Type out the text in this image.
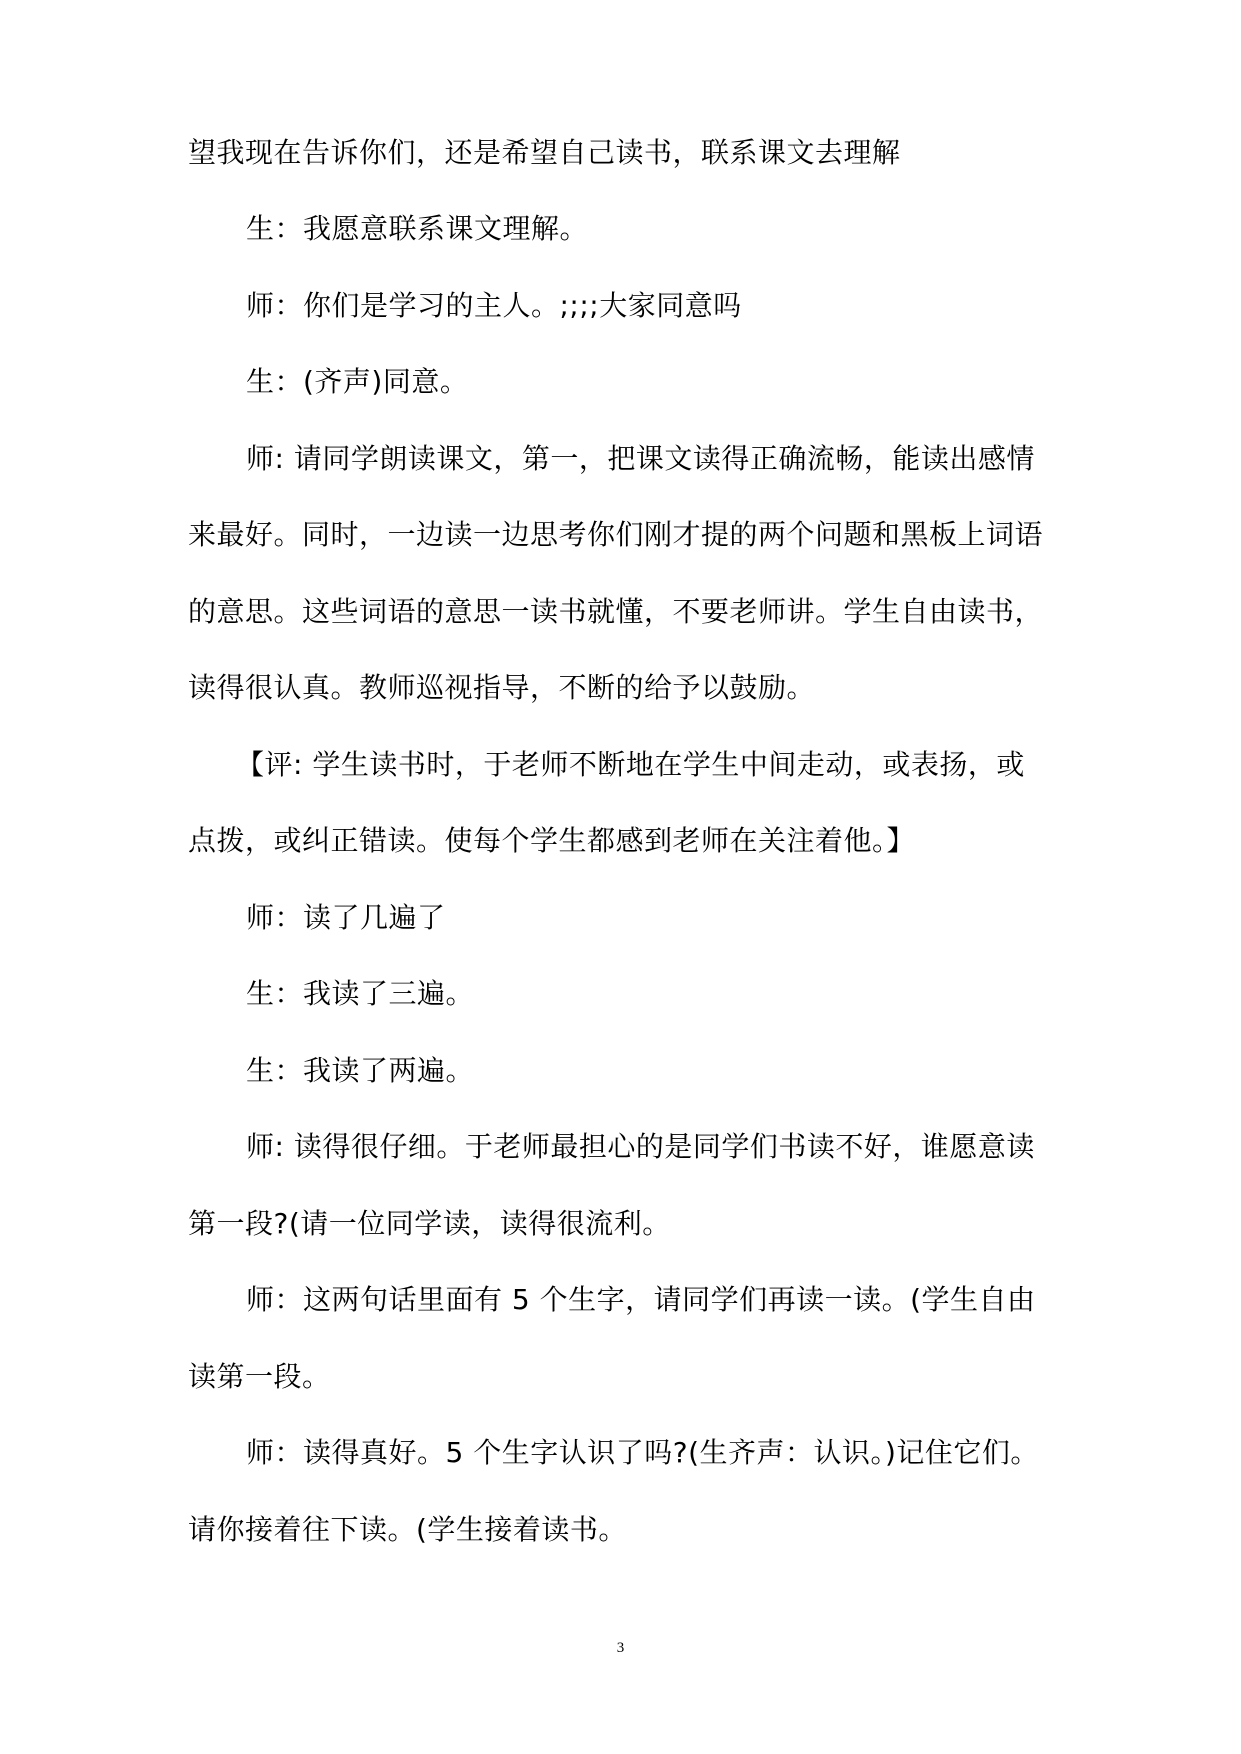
望我现在告诉你们，还是希望自己读书，联系课文去理解
生：我愿意联系课文理解。
师：你们是学习的主人。;;;;大家同意吗
生：(齐声)同意。
师: 请同学朗读课文，第一，把课文读得正确流畅，能读出感情
来最好。同时，一边读一边思考你们刚才提的两个问题和黑板上词语
的意思。这些词语的意思一读书就懂，不要老师讲。学生自由读书，
读得很认真。教师巡视指导，不断的给予以鼓励。
【评: 学生读书时，于老师不断地在学生中间走动，或表扬，或
点拨，或纠正错读。使每个学生都感到老师在关注着他。】
师：读了几遍了
生：我读了三遍。
生：我读了两遍。
师: 读得很仔细。于老师最担心的是同学们书读不好，谁愿意读
第一段?(请一位同学读，读得很流利。
师：这两句话里面有 5 个生字，请同学们再读一读。(学生自由
读第一段。
师：读得真好。5 个生字认识了吗?(生齐声：认识。)记住它们。
请你接着往下读。(学生接着读书。
3
